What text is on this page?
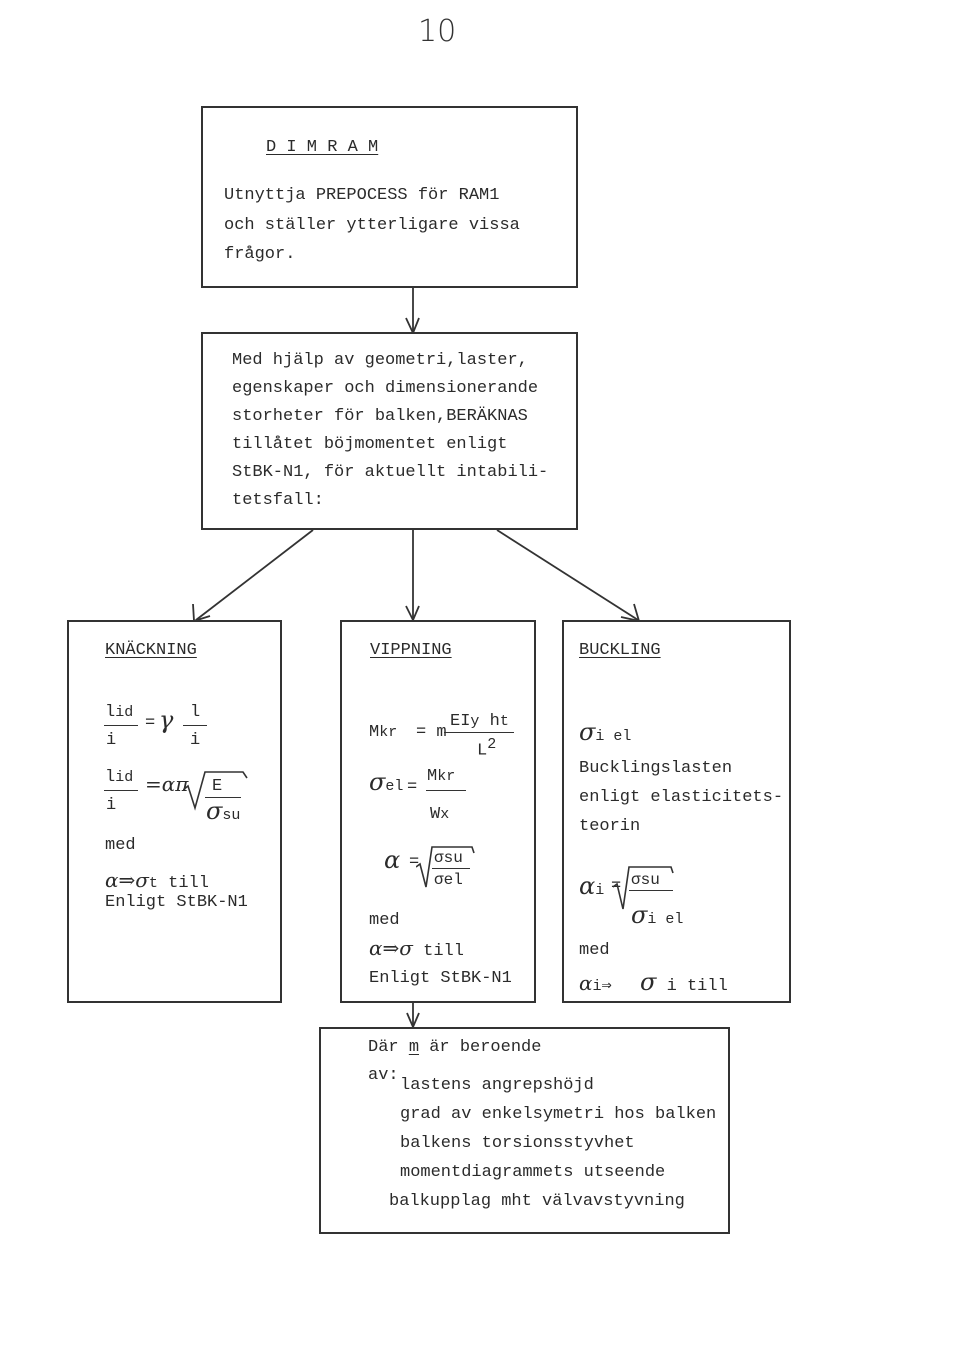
10
D I M R A M
Utnyttja PREPOCESS för RAM1
och ställer ytterligare vissa
frågor.
Med hjälp av geometri,laster,
egenskaper och dimensionerande
storheter för balken,BERÄKNAS
tillåtet böjmomentet enligt
StBK-N1, för aktuellt intabili-
tetsfall:
KNÄCKNING
lid
i
= γ l
i
lid
i
=απ E
σsu
med
α⇒σt till
Enligt StBK-N1
VIPPNING
Mkr = m
EIy ht
$L^2$
σel =
Mkr
Wx
α = σsu
σel
med
α⇒σ till
Enligt StBK-N1
BUCKLING
σi el
Bucklingslasten
enligt elasticitets-
teorin
αi = σsu
σi el
med
αi⇒ σ i till
Där m är beroende
av:
lastens angrepshöjd
grad av enkelsymetri hos balken
balkens torsionsstyvhet
momentdiagrammets utseende
balkupplag mht välvavstyvning
